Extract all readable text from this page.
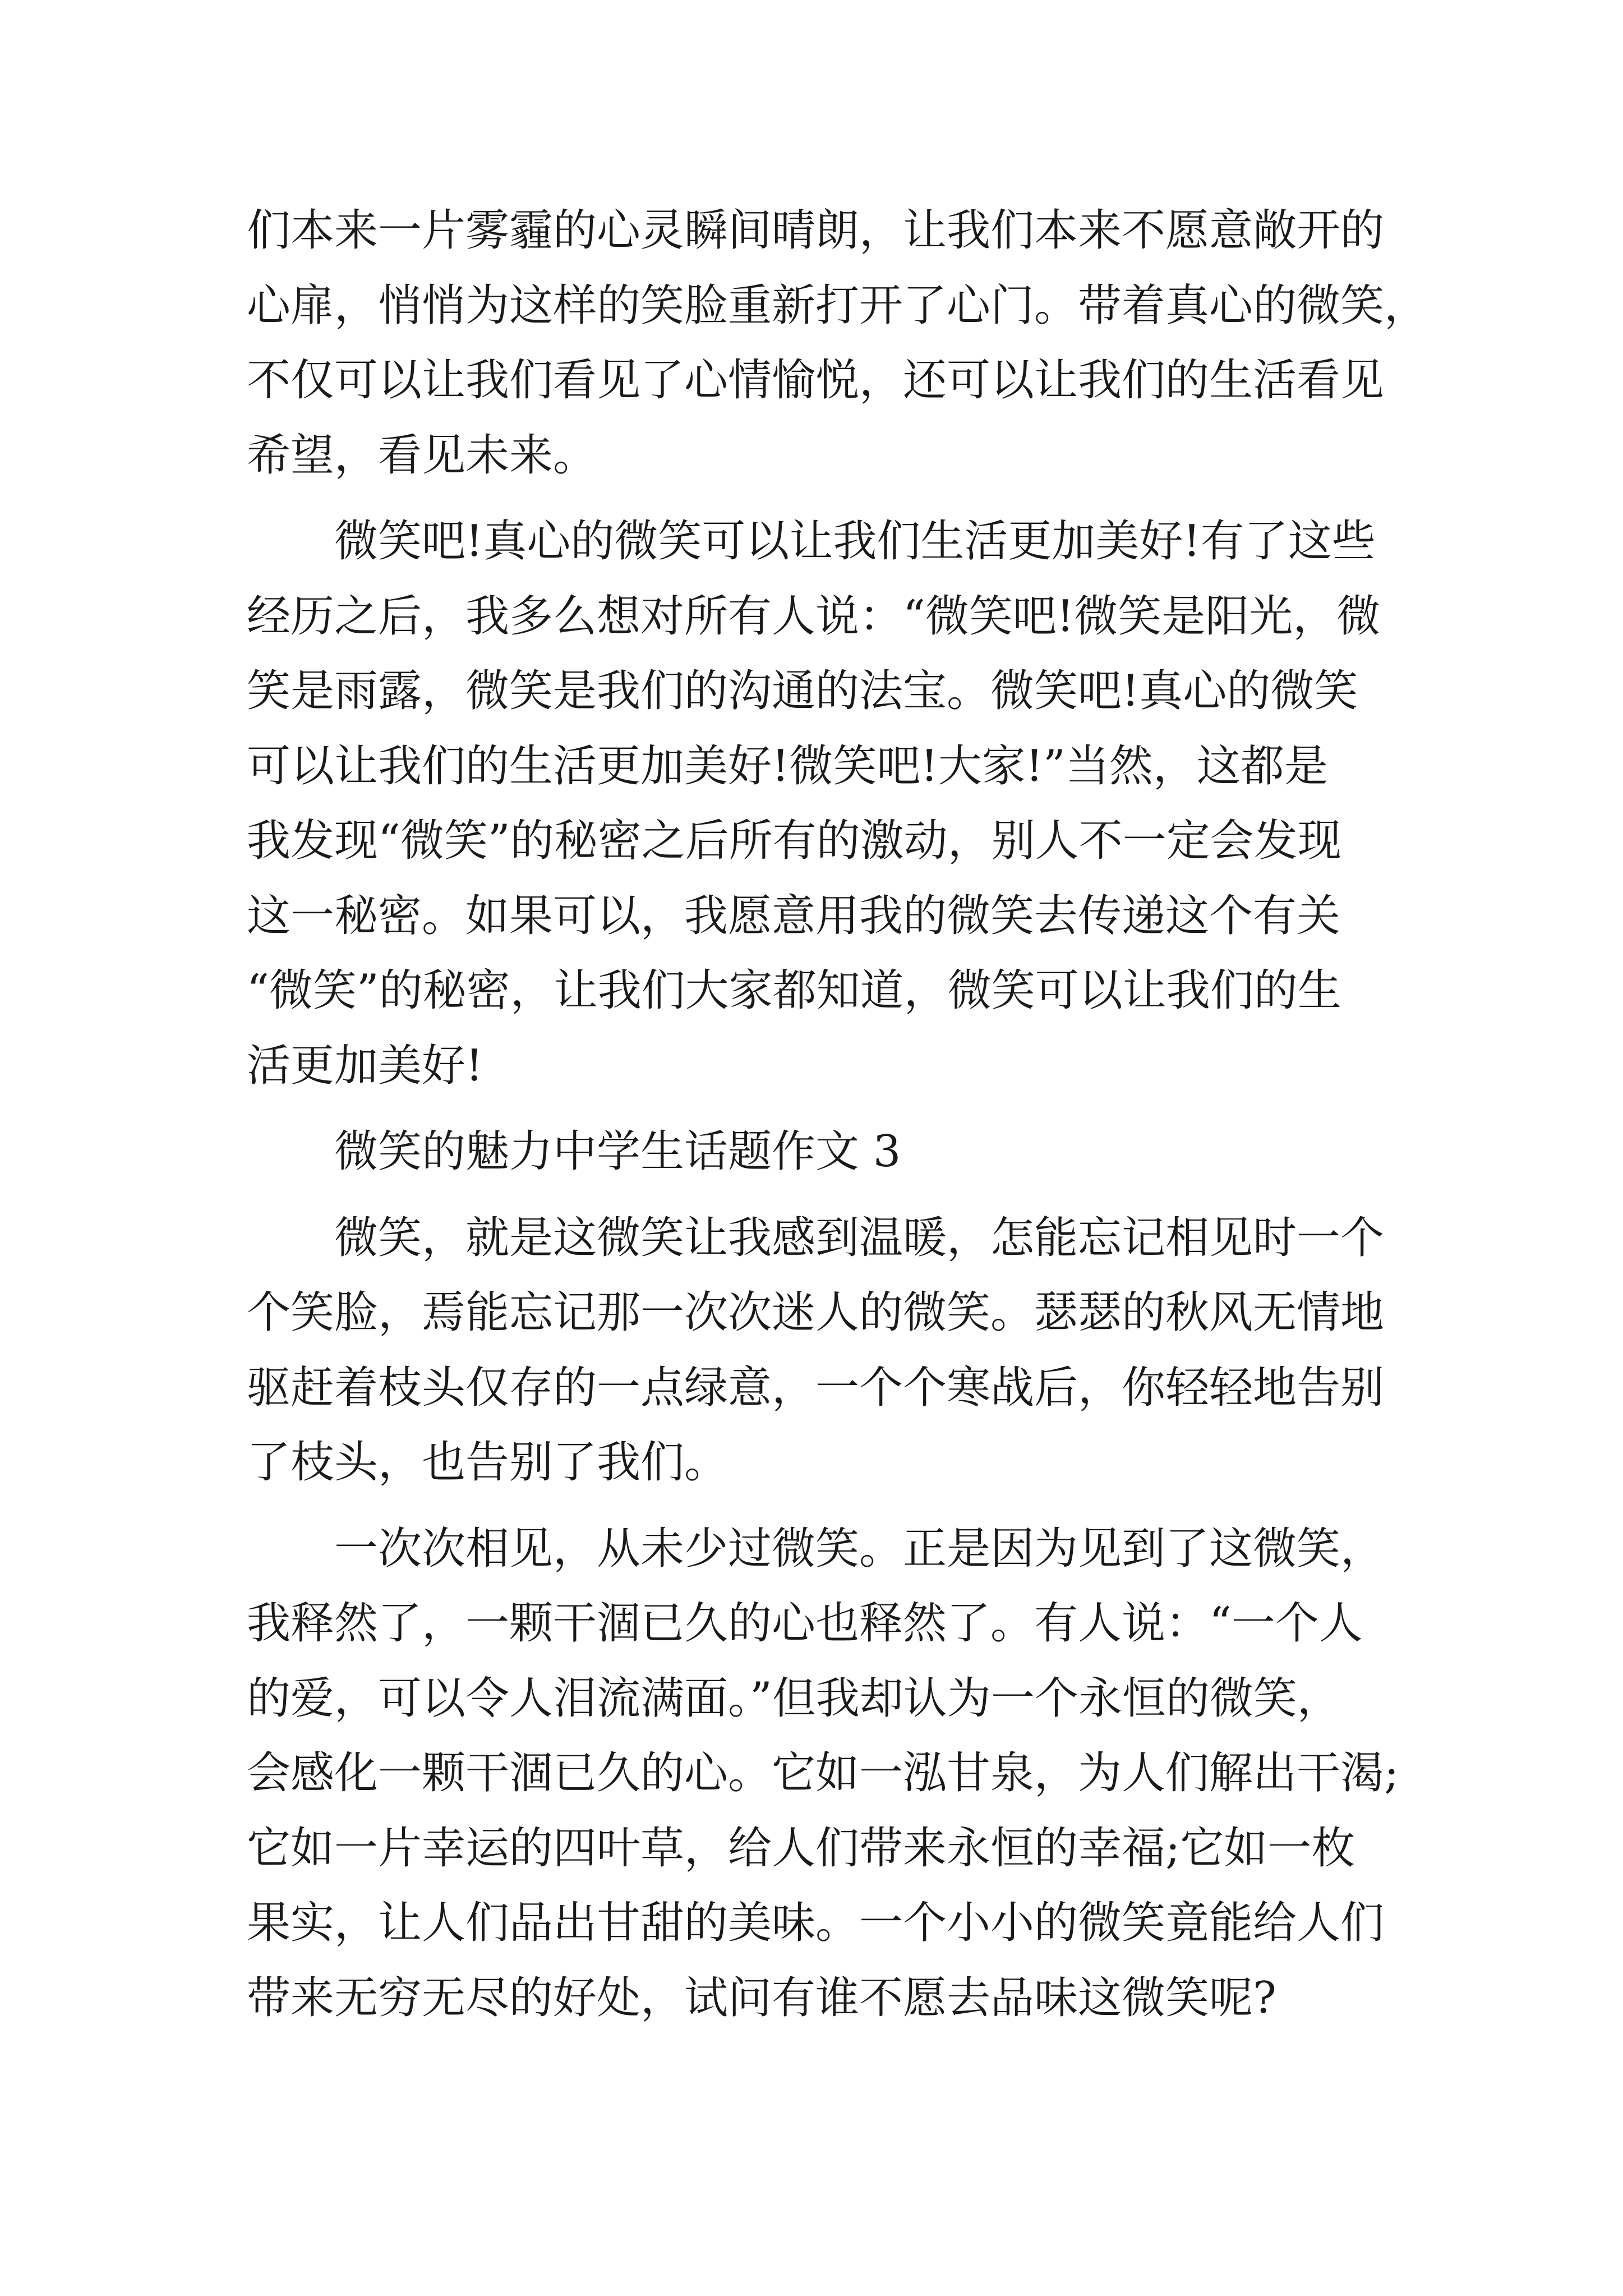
们本来一片雾霾的心灵瞬间晴朗，让我们本来不愿意敞开的
心扉，悄悄为这样的笑脸重新打开了心门。带着真心的微笑，
不仅可以让我们看见了心情愉悦，还可以让我们的生活看见
希望，看见未来。
微笑吧!真心的微笑可以让我们生活更加美好!有了这些
经历之后，我多么想对所有人说：“微笑吧!微笑是阳光，微
笑是雨露，微笑是我们的沟通的法宝。微笑吧!真心的微笑
可以让我们的生活更加美好!微笑吧!大家!”当然，这都是
我发现“微笑”的秘密之后所有的激动，别人不一定会发现
这一秘密。如果可以，我愿意用我的微笑去传递这个有关
“微笑”的秘密，让我们大家都知道，微笑可以让我们的生
活更加美好!
微笑的魅力中学生话题作文 3
微笑，就是这微笑让我感到温暖，怎能忘记相见时一个
个笑脸，焉能忘记那一次次迷人的微笑。瑟瑟的秋风无情地
驱赶着枝头仅存的一点绿意，一个个寒战后，你轻轻地告别
了枝头，也告别了我们。
一次次相见，从未少过微笑。正是因为见到了这微笑，
我释然了，一颗干涸已久的心也释然了。有人说：“一个人
的爱，可以令人泪流满面。”但我却认为一个永恒的微笑，
会感化一颗干涸已久的心。它如一泓甘泉，为人们解出干渴;
它如一片幸运的四叶草，给人们带来永恒的幸福;它如一枚
果实，让人们品出甘甜的美味。一个小小的微笑竟能给人们
带来无穷无尽的好处，试问有谁不愿去品味这微笑呢?
